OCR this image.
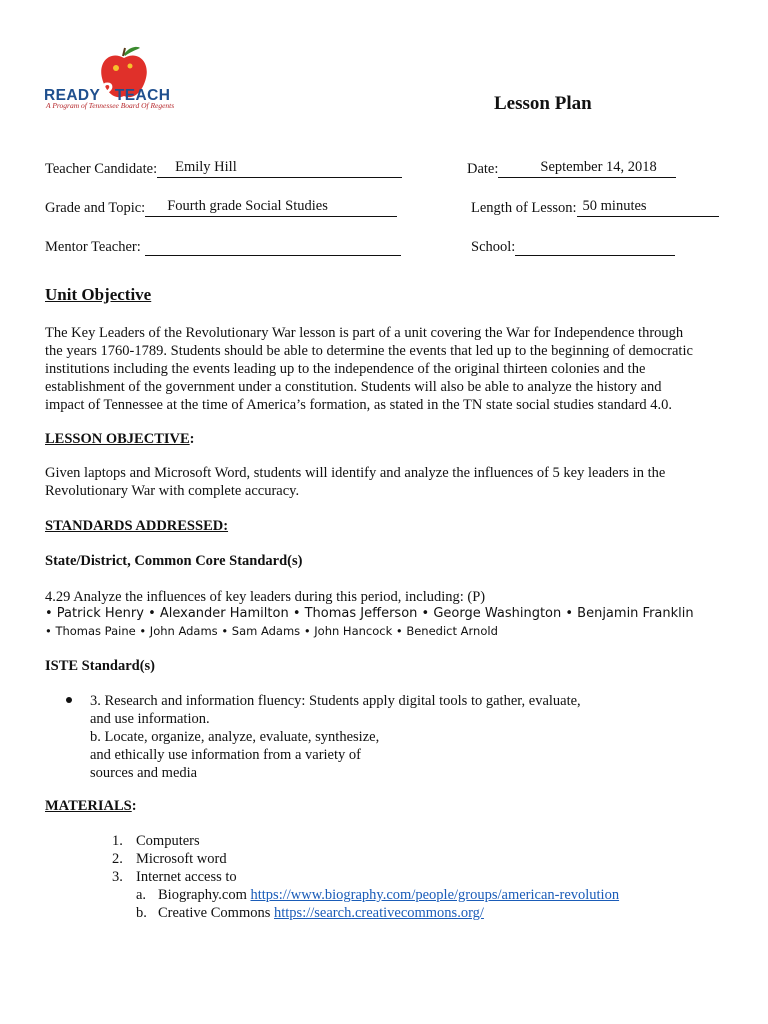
READY2TEACH
A Program of Tennessee Board Of Regents	Lesson Plan
Teacher Candidate: Emily Hill	Date:	September 14, 2018
Grade and Topic: Fourth grade Social Studies	Length of Lesson: 50 minutes
Mentor Teacher:	School:
Unit Objective
The Key Leaders of the Revolutionary War lesson is part of a unit covering the War for Independence through
the years 1760-1789. Students should be able to determine the events that led up to the beginning of democratic
institutions including the events leading up to the independence of the original thirteen colonies and the
establishment of the government under a constitution. Students will also be able to analyze the history and
impact of Tennessee at the time of America’s formation, as stated in the TN state social studies standard 4.0.
LESSON OBJECTIVE:
Given laptops and Microsoft Word, students will identify and analyze the influences of 5 key leaders in the
Revolutionary War with complete accuracy.
STANDARDS ADDRESSED:
State/District, Common Core Standard(s)
4.29 Analyze the influences of key leaders during this period, including: (P)
• Patrick Henry • Alexander Hamilton • Thomas Jefferson • George Washington • Benjamin Franklin
• Thomas Paine • John Adams • Sam Adams • John Hancock • Benedict Arnold
ISTE Standard(s)
3. Research and information fluency: Students apply digital tools to gather, evaluate,
and use information.
b. Locate, organize, analyze, evaluate, synthesize,
and ethically use information from a variety of
sources and media
MATERIALS:
1. Computers
2. Microsoft word
3. Internet access to
a. Biography.com https://www.biography.com/people/groups/american-revolution
b. Creative Commons https://search.creativecommons.org/
